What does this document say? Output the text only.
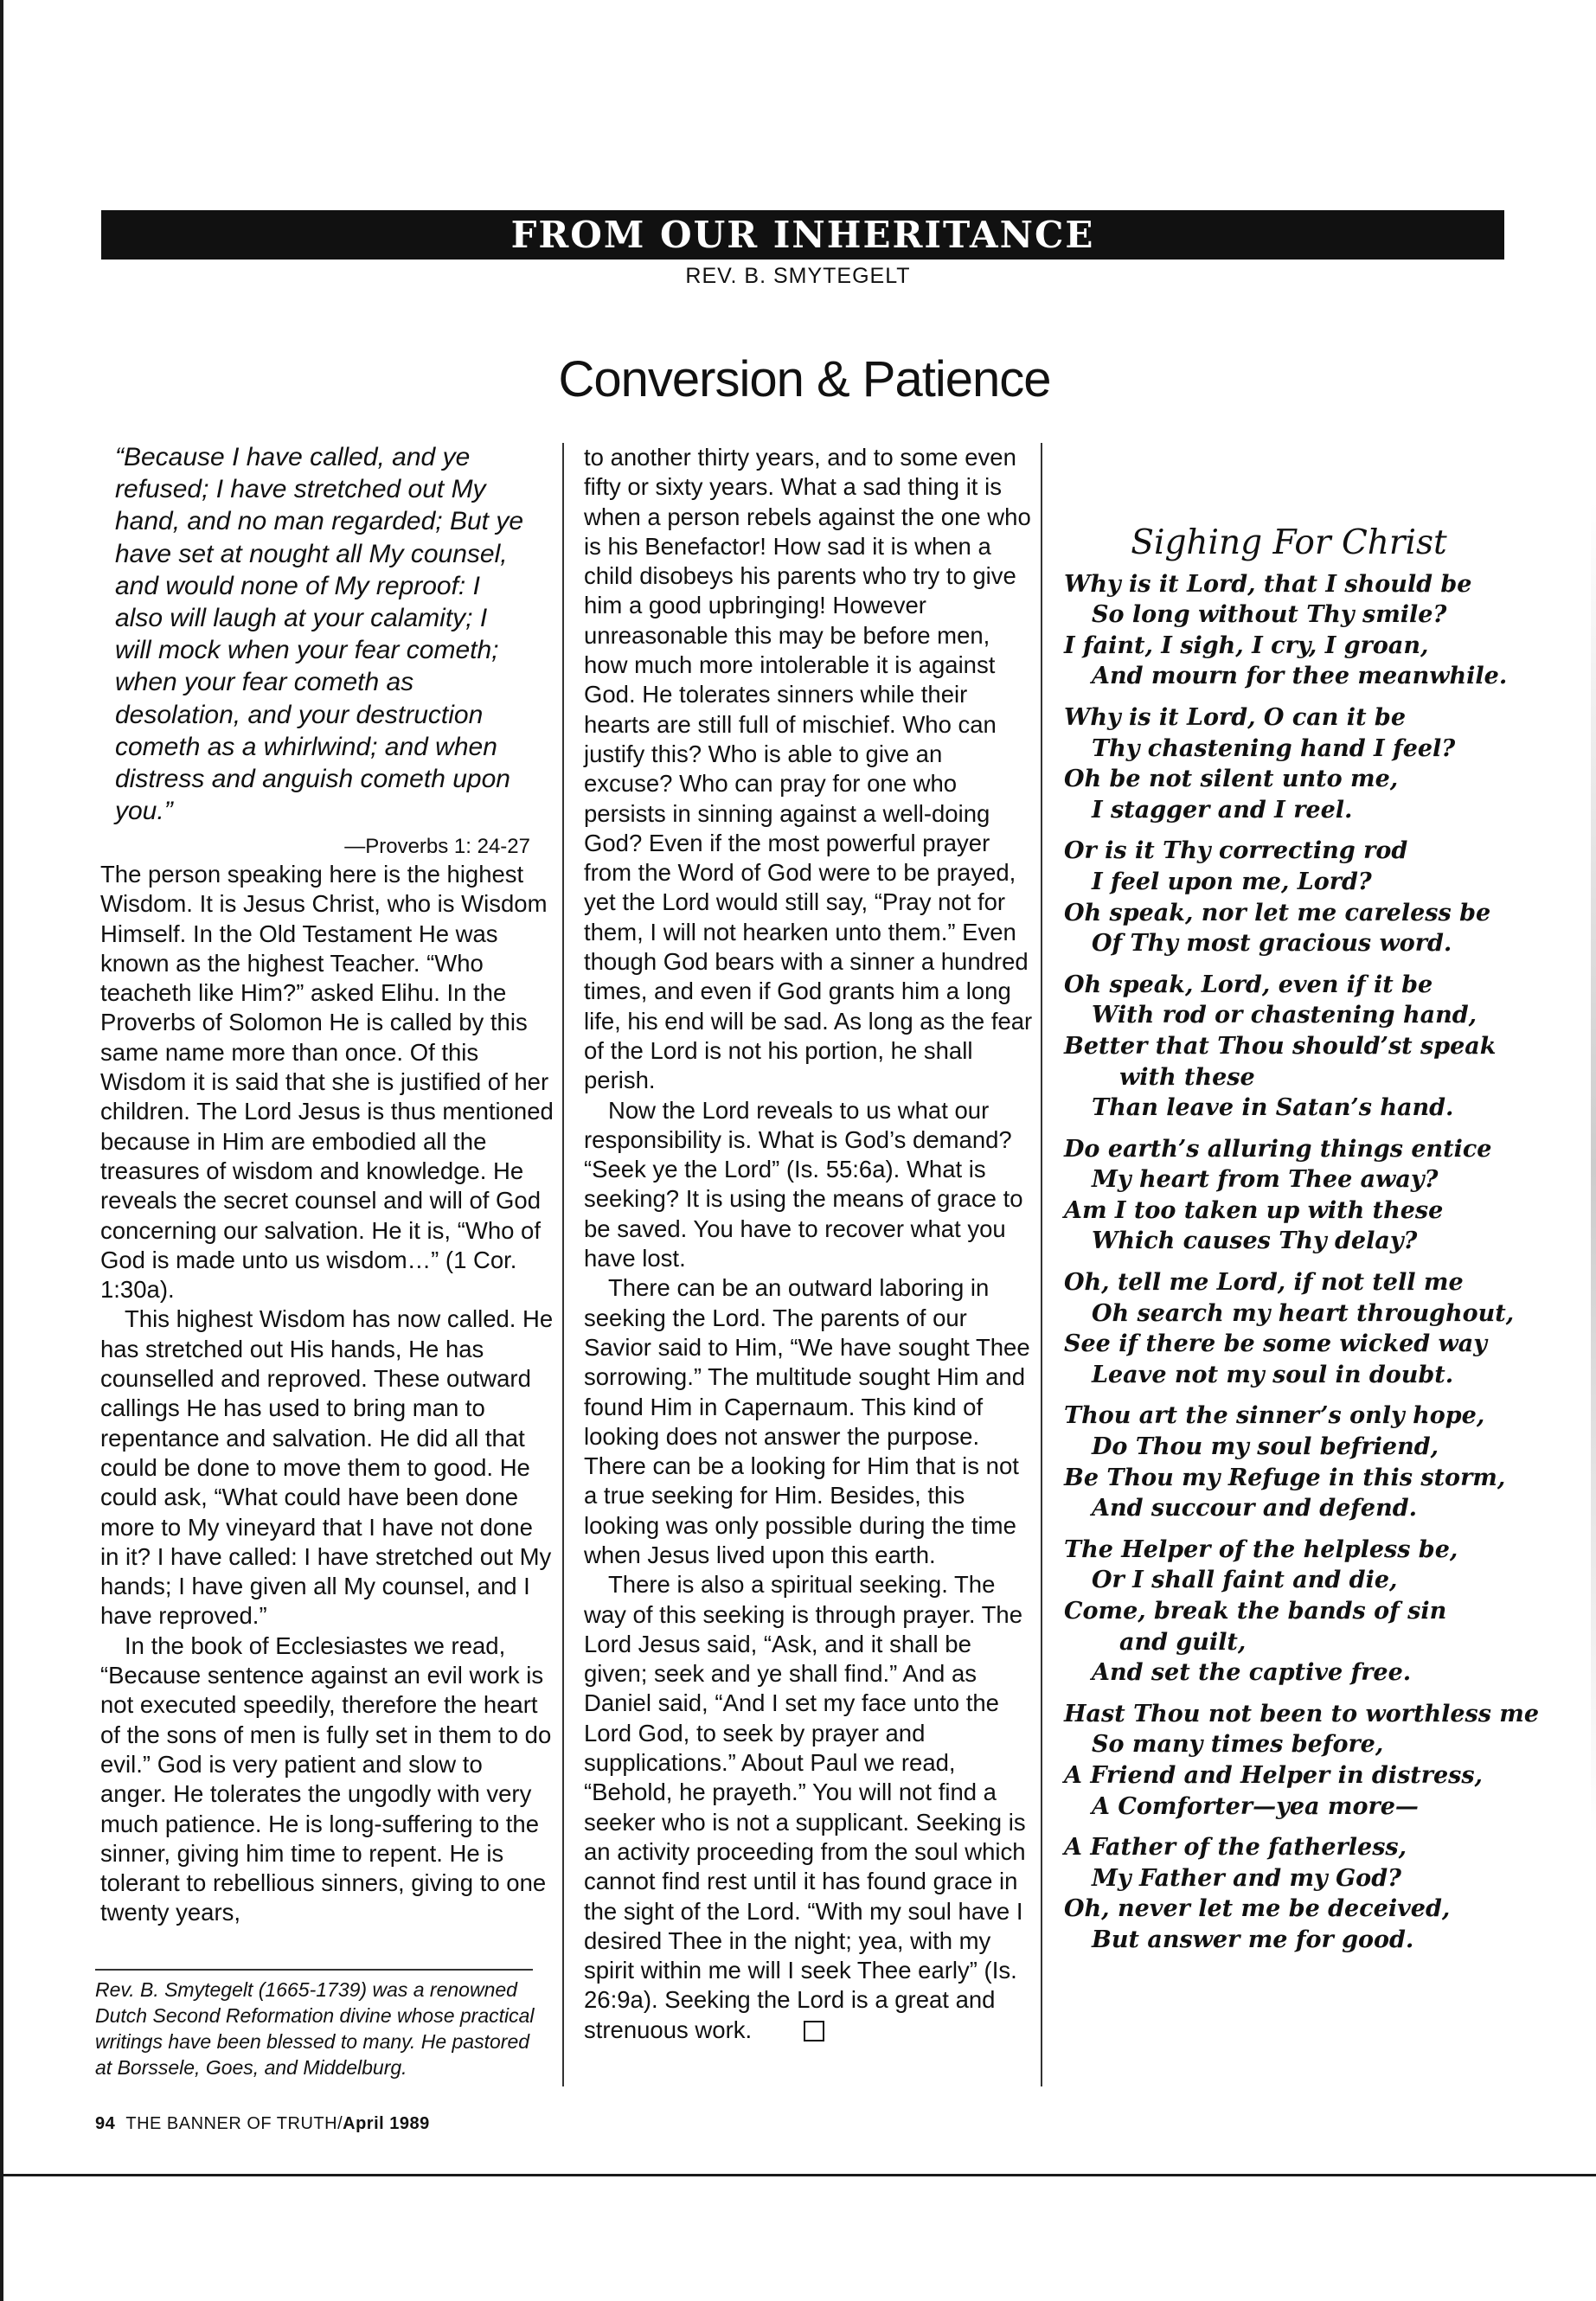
FROM OUR INHERITANCE
REV. B. SMYTEGELT
Conversion & Patience

“Because I have called, and ye refused; I have stretched out My hand, and no man regarded; But ye have set at nought all My counsel, and would none of My reproof: I also will laugh at your calamity; I will mock when your fear cometh; when your fear cometh as desolation, and your destruction cometh as a whirlwind; and when distress and anguish cometh upon you.”

—Proverbs 1: 24-27

The person speaking here is the highest Wisdom. It is Jesus Christ, who is Wisdom Himself. In the Old Testament He was known as the highest Teacher. “Who teacheth like Him?” asked Elihu. In the Proverbs of Solomon He is called by this same name more than once. Of this Wisdom it is said that she is justified of her children. The Lord Jesus is thus mentioned because in Him are embodied all the treasures of wisdom and knowledge. He reveals the secret counsel and will of God concerning our salvation. He it is, “Who of God is made unto us wisdom…” (1 Cor. 1:30a).

This highest Wisdom has now called. He has stretched out His hands, He has counselled and reproved. These outward callings He has used to bring man to repentance and salvation. He did all that could be done to move them to good. He could ask, “What could have been done more to My vineyard that I have not done in it? I have called: I have stretched out My hands; I have given all My counsel, and I have reproved.”

In the book of Ecclesiastes we read, “Because sentence against an evil work is not executed speedily, therefore the heart of the sons of men is fully set in them to do evil.” God is very patient and slow to anger. He tolerates the ungodly with very much patience. He is long-suffering to the sinner, giving him time to repent. He is tolerant to rebellious sinners, giving to one twenty years,

to another thirty years, and to some even fifty or sixty years. What a sad thing it is when a person rebels against the one who is his Benefactor! How sad it is when a child disobeys his parents who try to give him a good upbringing! However unreasonable this may be before men, how much more intolerable it is against God. He tolerates sinners while their hearts are still full of mischief. Who can justify this? Who is able to give an excuse? Who can pray for one who persists in sinning against a well-doing God? Even if the most powerful prayer from the Word of God were to be prayed, yet the Lord would still say, “Pray not for them, I will not hearken unto them.” Even though God bears with a sinner a hundred times, and even if God grants him a long life, his end will be sad. As long as the fear of the Lord is not his portion, he shall perish.

Now the Lord reveals to us what our responsibility is. What is God’s demand? “Seek ye the Lord” (Is. 55:6a). What is seeking? It is using the means of grace to be saved. You have to recover what you have lost.

There can be an outward laboring in seeking the Lord. The parents of our Savior said to Him, “We have sought Thee sorrowing.” The multitude sought Him and found Him in Capernaum. This kind of looking does not answer the purpose. There can be a looking for Him that is not a true seeking for Him. Besides, this looking was only possible during the time when Jesus lived upon this earth.

There is also a spiritual seeking. The way of this seeking is through prayer. The Lord Jesus said, “Ask, and it shall be given; seek and ye shall find.” And as Daniel said, “And I set my face unto the Lord God, to seek by prayer and supplications.” About Paul we read, “Behold, he prayeth.” You will not find a seeker who is not a supplicant. Seeking is an activity proceeding from the soul which cannot find rest until it has found grace in the sight of the Lord. “With my soul have I desired Thee in the night; yea, with my spirit within me will I seek Thee early” (Is. 26:9a). Seeking the Lord is a great and strenuous work.

Rev. B. Smytegelt (1665-1739) was a renowned Dutch Second Reformation divine whose practical writings have been blessed to many. He pastored at Borssele, Goes, and Middelburg.
94 THE BANNER OF TRUTH/April 1989
Sighing For Christ
Why is it Lord, that I should be
So long without Thy smile?
I faint, I sigh, I cry, I groan,
And mourn for thee meanwhile.
Why is it Lord, O can it be
Thy chastening hand I feel?
Oh be not silent unto me,
I stagger and I reel.
Or is it Thy correcting rod
I feel upon me, Lord?
Oh speak, nor let me careless be
Of Thy most gracious word.
Oh speak, Lord, even if it be
With rod or chastening hand,
Better that Thou should’st speak
with these
Than leave in Satan’s hand.
Do earth’s alluring things entice
My heart from Thee away?
Am I too taken up with these
Which causes Thy delay?
Oh, tell me Lord, if not tell me
Oh search my heart throughout,
See if there be some wicked way
Leave not my soul in doubt.
Thou art the sinner’s only hope,
Do Thou my soul befriend,
Be Thou my Refuge in this storm,
And succour and defend.
The Helper of the helpless be,
Or I shall faint and die,
Come, break the bands of sin
and guilt,
And set the captive free.
Hast Thou not been to worthless me
So many times before,
A Friend and Helper in distress,
A Comforter—yea more—
A Father of the fatherless,
My Father and my God?
Oh, never let me be deceived,
But answer me for good.
